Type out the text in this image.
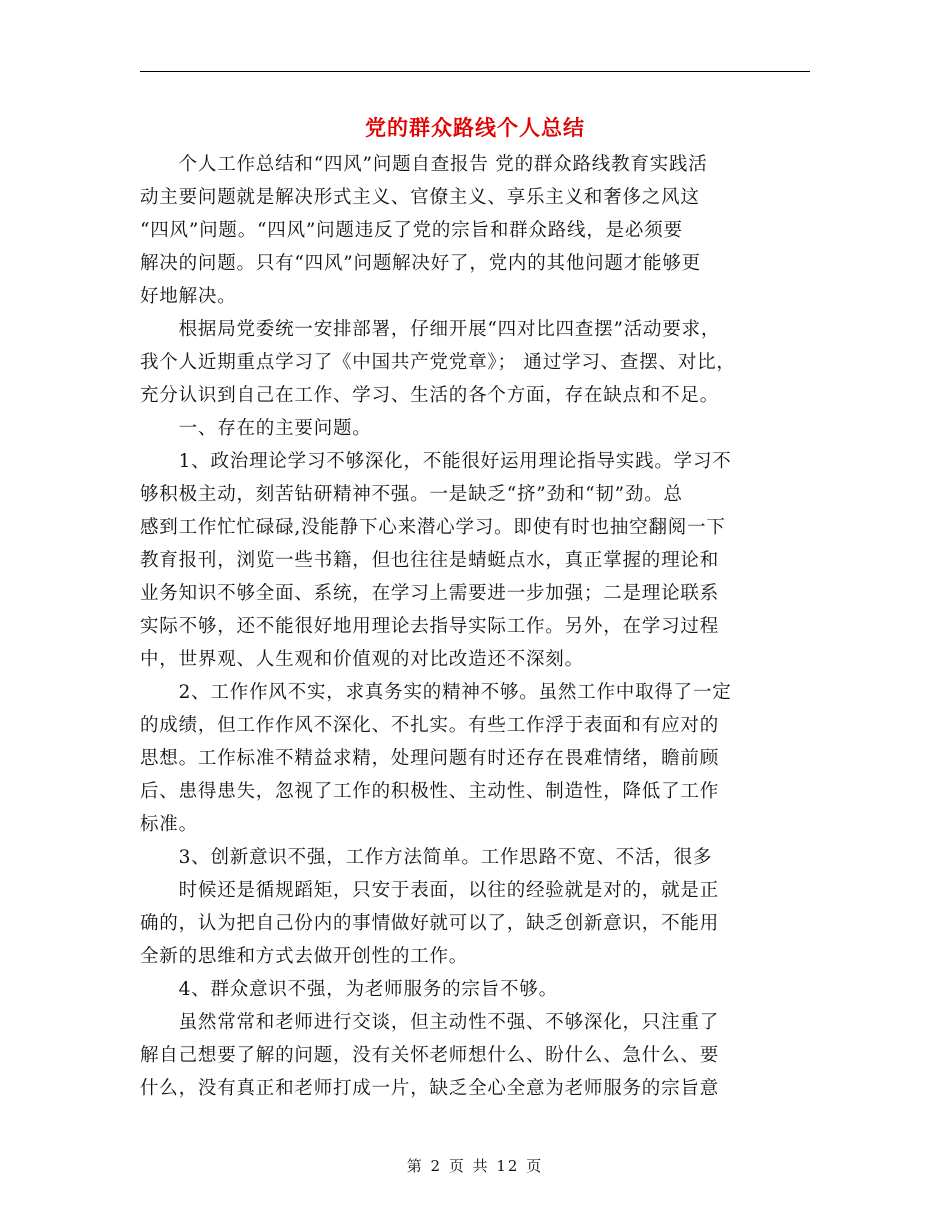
党的群众路线个人总结

　　个人工作总结和“四风”问题自查报告 党的群众路线教育实践活

动主要问题就是解决形式主义、官僚主义、享乐主义和奢侈之风这

“四风”问题。“四风”问题违反了党的宗旨和群众路线，是必须要

解决的问题。只有“四风”问题解决好了，党内的其他问题才能够更

好地解决。

　　根据局党委统一安排部署，仔细开展“四对比四查摆”活动要求，

我个人近期重点学习了《中国共产党党章》； 通过学习、查摆、对比，

充分认识到自己在工作、学习、生活的各个方面，存在缺点和不足。

　　一、存在的主要问题。

　　1、政治理论学习不够深化，不能很好运用理论指导实践。学习不

够积极主动，刻苦钻研精神不强。一是缺乏“挤”劲和“韧”劲。总

感到工作忙忙碌碌,没能静下心来潜心学习。即使有时也抽空翻阅一下

教育报刊，浏览一些书籍，但也往往是蜻蜓点水，真正掌握的理论和

业务知识不够全面、系统，在学习上需要进一步加强；二是理论联系

实际不够，还不能很好地用理论去指导实际工作。另外，在学习过程

中，世界观、人生观和价值观的对比改造还不深刻。

　　2、工作作风不实，求真务实的精神不够。虽然工作中取得了一定

的成绩，但工作作风不深化、不扎实。有些工作浮于表面和有应对的

思想。工作标准不精益求精，处理问题有时还存在畏难情绪，瞻前顾

后、患得患失，忽视了工作的积极性、主动性、制造性，降低了工作

标准。

　　3、创新意识不强，工作方法简单。工作思路不宽、不活，很多

　　时候还是循规蹈矩，只安于表面，以往的经验就是对的，就是正

确的，认为把自己份内的事情做好就可以了，缺乏创新意识，不能用

全新的思维和方式去做开创性的工作。

　　4、群众意识不强，为老师服务的宗旨不够。

　　虽然常常和老师进行交谈，但主动性不强、不够深化，只注重了

解自己想要了解的问题，没有关怀老师想什么、盼什么、急什么、要

什么，没有真正和老师打成一片，缺乏全心全意为老师服务的宗旨意

第 2 页 共 12 页
